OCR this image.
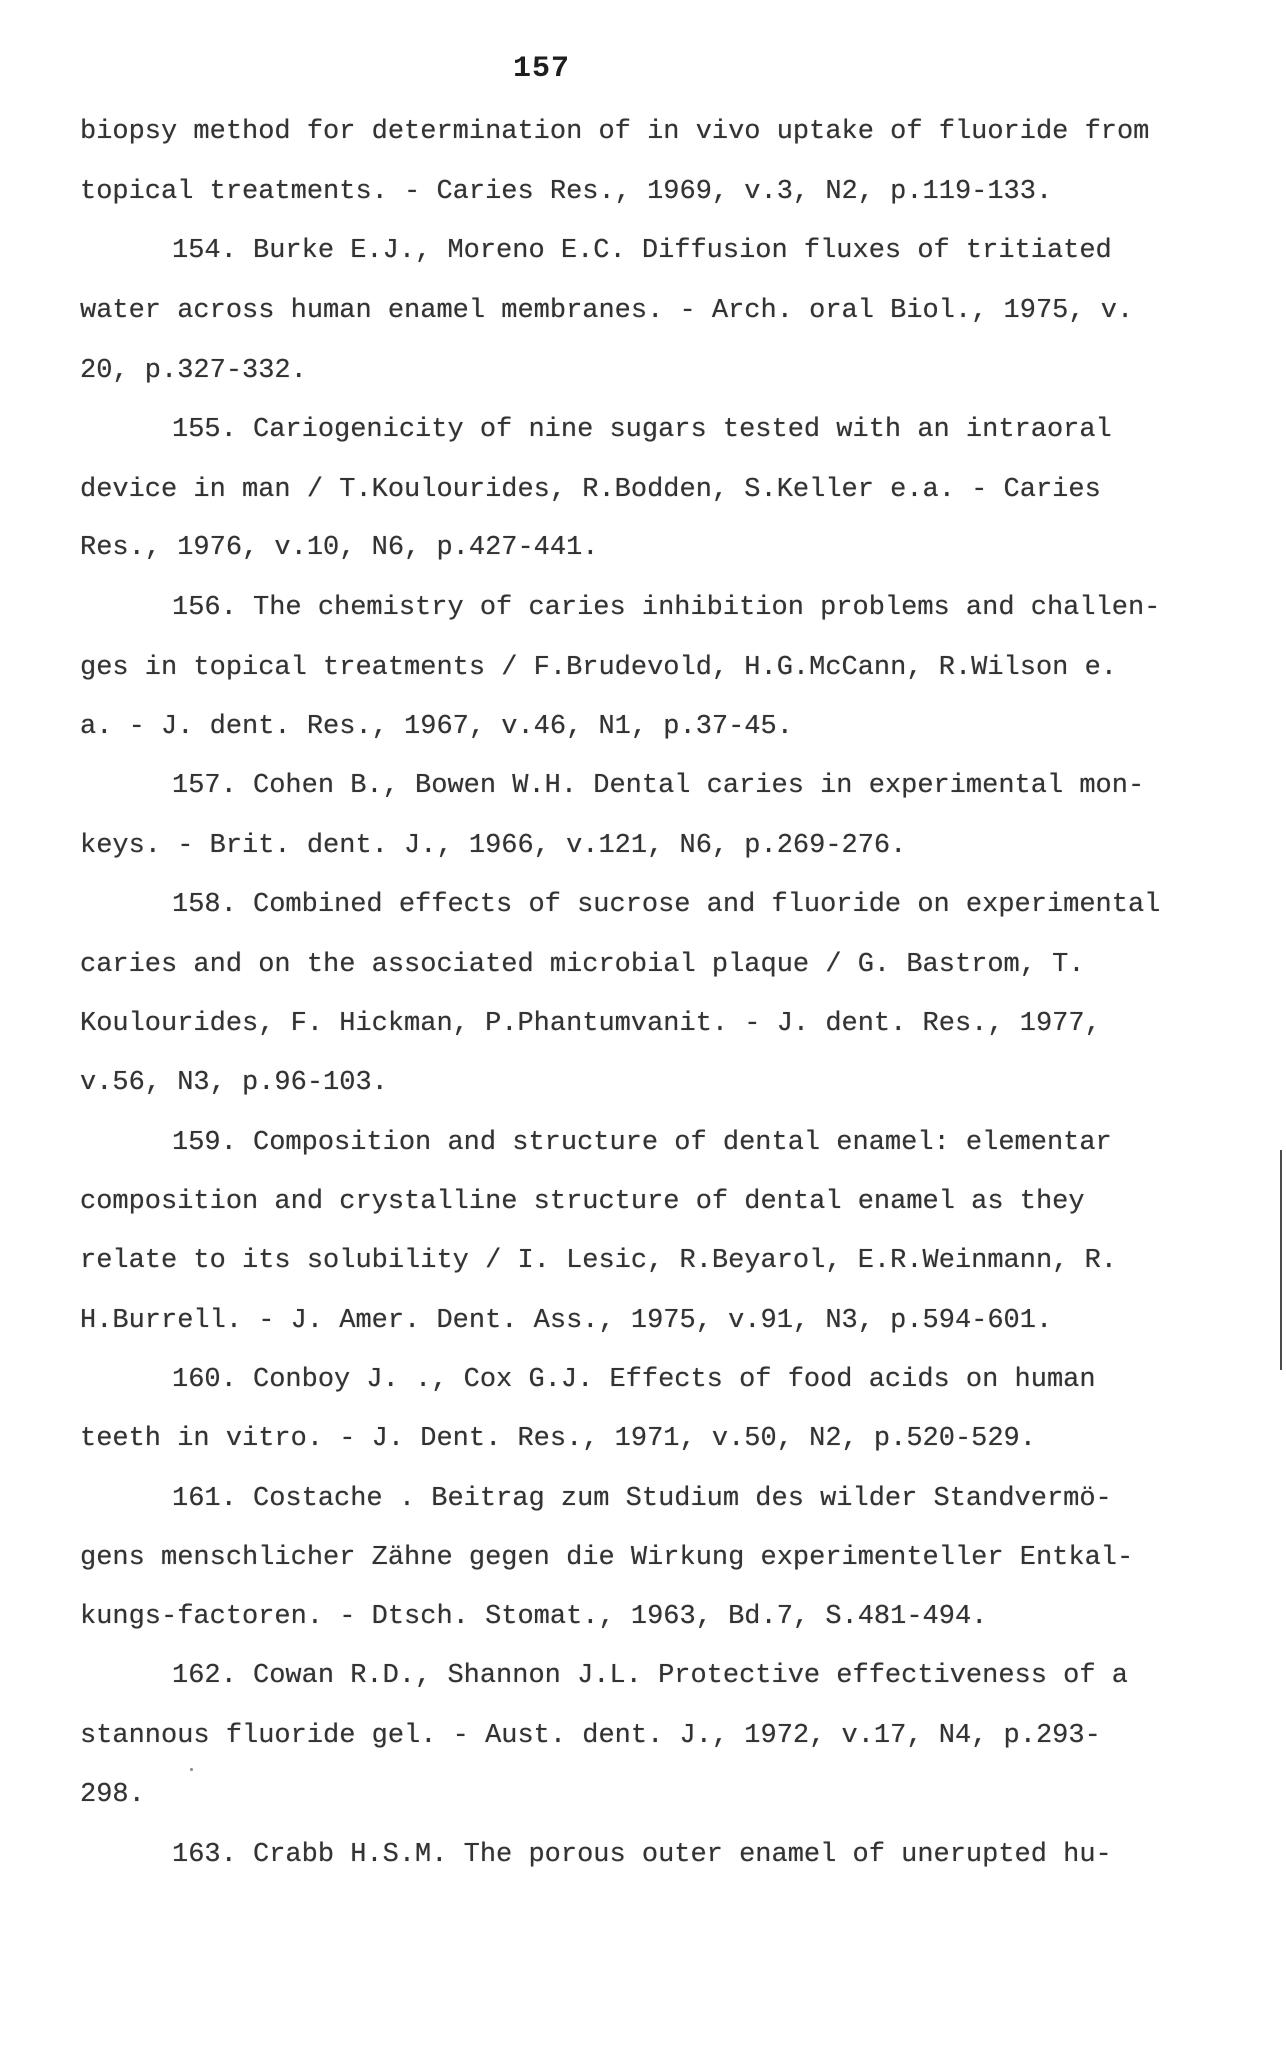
157
biopsy method for determination of in vivo uptake of fluoride from
topical treatments. - Caries Res., 1969, v.3, N2, p.119-133.
154. Burke E.J., Moreno E.C. Diffusion fluxes of tritiated
water across human enamel membranes. - Arch. oral Biol., 1975, v.
20, p.327-332.
155. Cariogenicity of nine sugars tested with an intraoral
device in man / T.Koulourides, R.Bodden, S.Keller e.a. - Caries
Res., 1976, v.10, N6, p.427-441.
156. The chemistry of caries inhibition problems and challen-
ges in topical treatments / F.Brudevold, H.G.McCann, R.Wilson e.
a. - J. dent. Res., 1967, v.46, N1, p.37-45.
157. Cohen B., Bowen W.H. Dental caries in experimental mon-
keys. - Brit. dent. J., 1966, v.121, N6, p.269-276.
158. Combined effects of sucrose and fluoride on experimental
caries and on the associated microbial plaque / G. Bastrom, T.
Koulourides, F. Hickman, P.Phantumvanit. - J. dent. Res., 1977,
v.56, N3, p.96-103.
159. Composition and structure of dental enamel: elementar
composition and crystalline structure of dental enamel as they
relate to its solubility / I. Lesic, R.Beyarol, E.R.Weinmann, R.
H.Burrell. - J. Amer. Dent. Ass., 1975, v.91, N3, p.594-601.
160. Conboy J. ., Cox G.J. Effects of food acids on human
teeth in vitro. - J. Dent. Res., 1971, v.50, N2, p.520-529.
161. Costache . Beitrag zum Studium des wilder Standvermö-
gens menschlicher Zähne gegen die Wirkung experimenteller Entkal-
kungs-factoren. - Dtsch. Stomat., 1963, Bd.7, S.481-494.
162. Cowan R.D., Shannon J.L. Protective effectiveness of a
stannous fluoride gel. - Aust. dent. J., 1972, v.17, N4, p.293-
298.
163. Crabb H.S.M. The porous outer enamel of unerupted hu-
